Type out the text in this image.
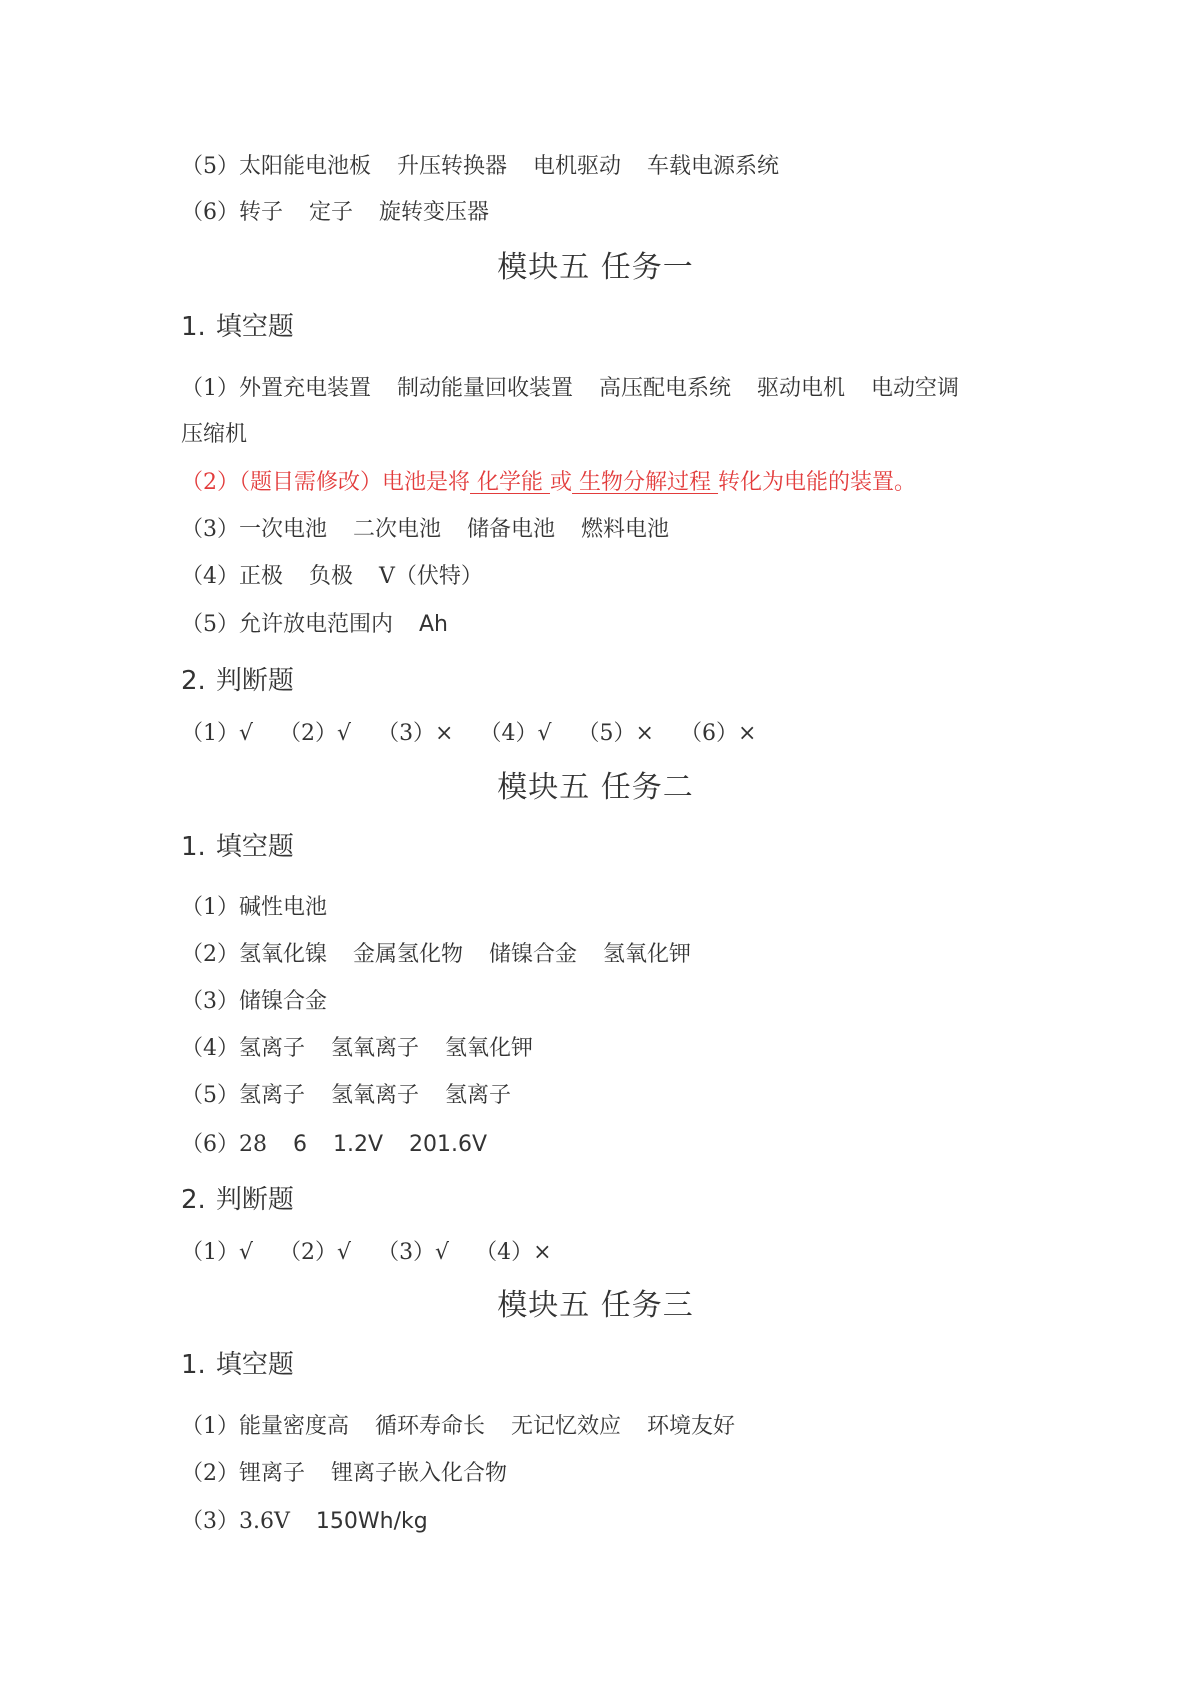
（5）太阳能电池板 升压转换器 电机驱动 车载电源系统
（6）转子 定子 旋转变压器
模块五 任务一
1. 填空题
（1）外置充电装置 制动能量回收装置 高压配电系统 驱动电机 电动空调
压缩机
（2）（题目需修改）电池是将 化学能 或 生物分解过程 转化为电能的装置。
（3）一次电池 二次电池 储备电池 燃料电池
（4）正极 负极 V（伏特）
（5）允许放电范围内 Ah
2. 判断题
（1）√ （2）√ （3）× （4）√ （5）× （6）×
模块五 任务二
1. 填空题
（1）碱性电池
（2）氢氧化镍 金属氢化物 储镍合金 氢氧化钾
（3）储镍合金
（4）氢离子 氢氧离子 氢氧化钾
（5）氢离子 氢氧离子 氢离子
（6）28 6 1.2V 201.6V
2. 判断题
（1）√ （2）√ （3）√ （4）×
模块五 任务三
1. 填空题
（1）能量密度高 循环寿命长 无记忆效应 环境友好
（2）锂离子 锂离子嵌入化合物
（3）3.6V 150Wh/kg
